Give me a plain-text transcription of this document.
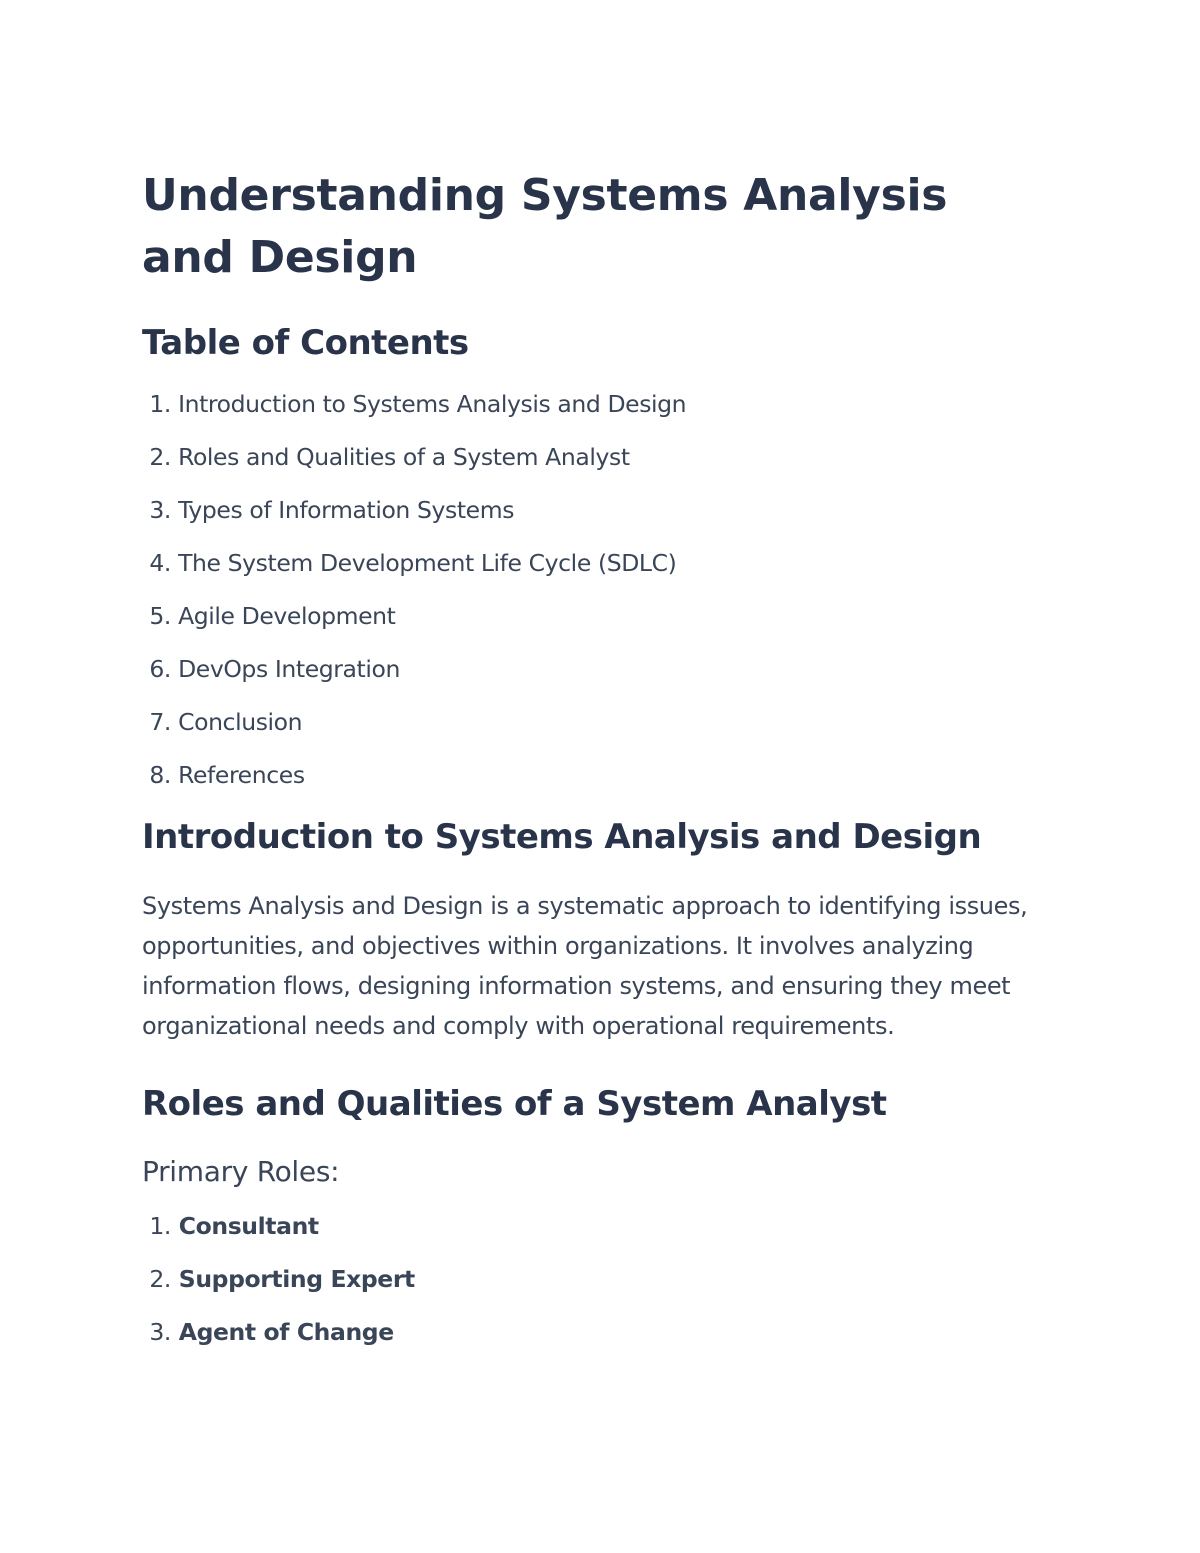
Understanding Systems Analysis and Design
Table of Contents
1. Introduction to Systems Analysis and Design
2. Roles and Qualities of a System Analyst
3. Types of Information Systems
4. The System Development Life Cycle (SDLC)
5. Agile Development
6. DevOps Integration
7. Conclusion
8. References
Introduction to Systems Analysis and Design

Systems Analysis and Design is a systematic approach to identifying issues, opportunities, and objectives within organizations. It involves analyzing information flows, designing information systems, and ensuring they meet organizational needs and comply with operational requirements.

Roles and Qualities of a System Analyst
Primary Roles:
1. Consultant
2. Supporting Expert
3. Agent of Change
